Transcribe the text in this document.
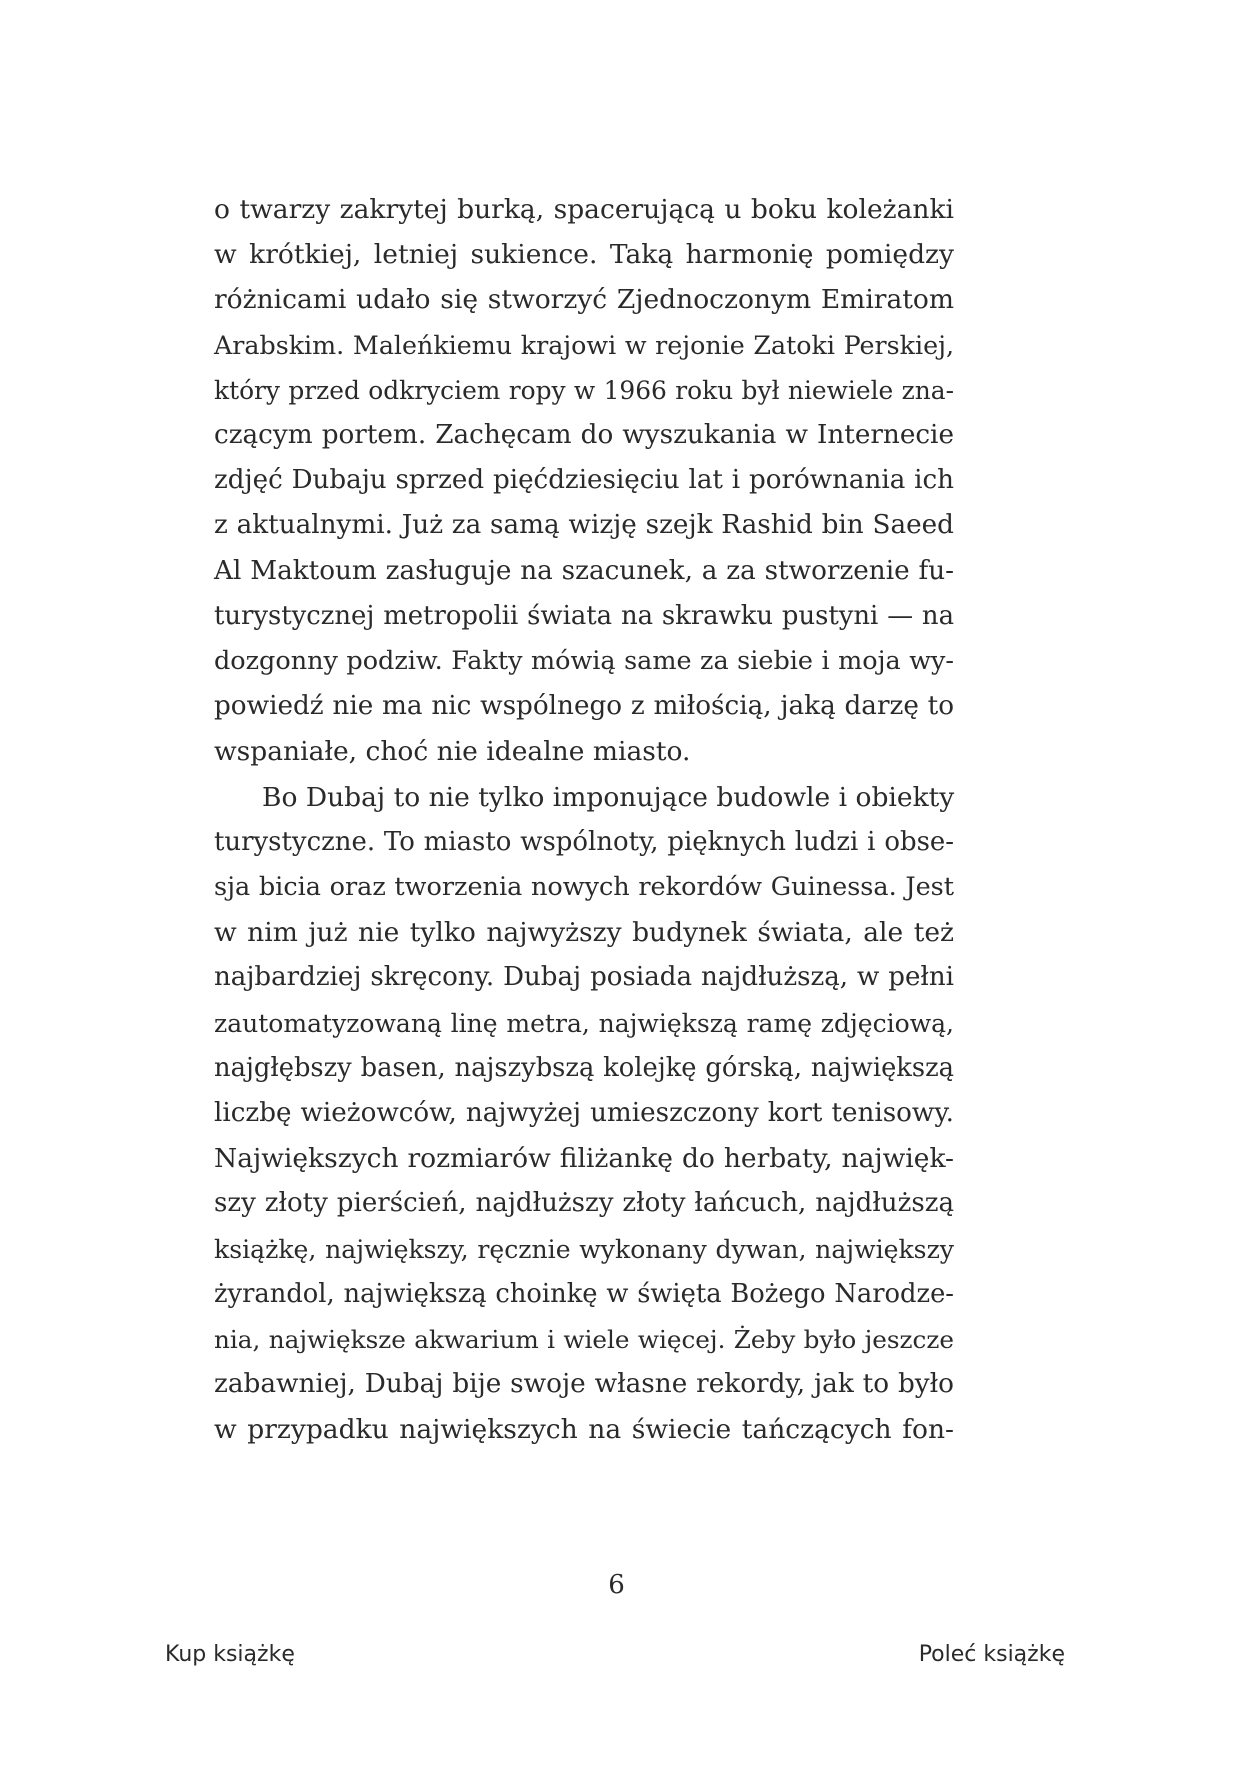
o twarzy zakrytej burką, spacerującą u boku koleżanki
w krótkiej, letniej sukience. Taką harmonię pomiędzy
różnicami udało się stworzyć Zjednoczonym Emiratom
Arabskim. Maleńkiemu krajowi w rejonie Zatoki Perskiej,
który przed odkryciem ropy w 1966 roku był niewiele zna-
czącym portem. Zachęcam do wyszukania w Internecie
zdjęć Dubaju sprzed pięćdziesięciu lat i porównania ich
z aktualnymi. Już za samą wizję szejk Rashid bin Saeed
Al Maktoum zasługuje na szacunek, a za stworzenie fu-
turystycznej metropolii świata na skrawku pustyni — na
dozgonny podziw. Fakty mówią same za siebie i moja wy-
powiedź nie ma nic wspólnego z miłością, jaką darzę to
wspaniałe, choć nie idealne miasto.
Bo Dubaj to nie tylko imponujące budowle i obiekty
turystyczne. To miasto wspólnoty, pięknych ludzi i obse-
sja bicia oraz tworzenia nowych rekordów Guinessa. Jest
w nim już nie tylko najwyższy budynek świata, ale też
najbardziej skręcony. Dubaj posiada najdłuższą, w pełni
zautomatyzowaną linę metra, największą ramę zdjęciową,
najgłębszy basen, najszybszą kolejkę górską, największą
liczbę wieżowców, najwyżej umieszczony kort tenisowy.
Największych rozmiarów filiżankę do herbaty, najwięk-
szy złoty pierścień, najdłuższy złoty łańcuch, najdłuższą
książkę, największy, ręcznie wykonany dywan, największy
żyrandol, największą choinkę w święta Bożego Narodze-
nia, największe akwarium i wiele więcej. Żeby było jeszcze
zabawniej, Dubaj bije swoje własne rekordy, jak to było
w przypadku największych na świecie tańczących fon-
6
Kup książkę	Poleć książkę
